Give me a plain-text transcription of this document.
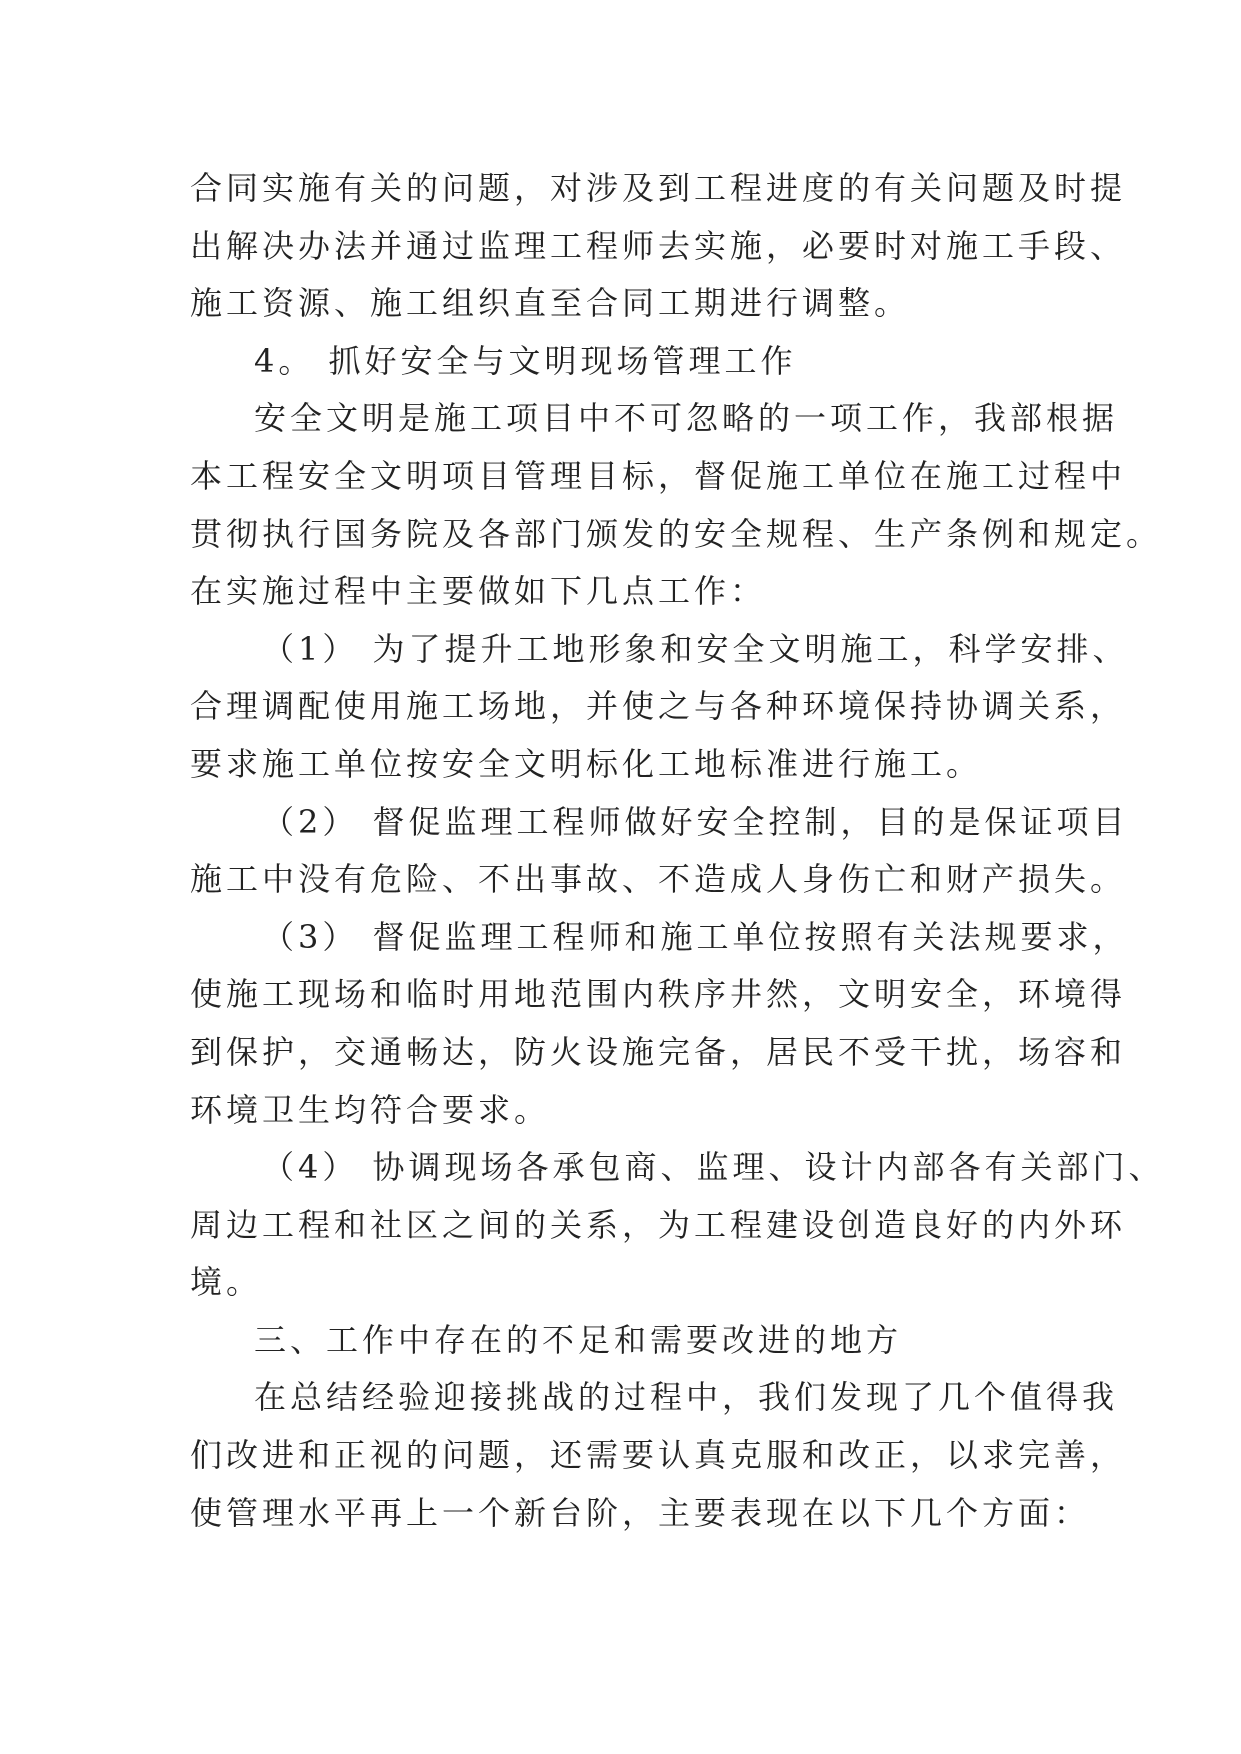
合同实施有关的问题，对涉及到工程进度的有关问题及时提
出解决办法并通过监理工程师去实施，必要时对施工手段、
施工资源、施工组织直至合同工期进行调整。
4。 抓好安全与文明现场管理工作
安全文明是施工项目中不可忽略的一项工作，我部根据
本工程安全文明项目管理目标，督促施工单位在施工过程中
贯彻执行国务院及各部门颁发的安全规程、生产条例和规定。
在实施过程中主要做如下几点工作：
（1） 为了提升工地形象和安全文明施工，科学安排、
合理调配使用施工场地，并使之与各种环境保持协调关系，
要求施工单位按安全文明标化工地标准进行施工。
（2） 督促监理工程师做好安全控制，目的是保证项目
施工中没有危险、不出事故、不造成人身伤亡和财产损失。
（3） 督促监理工程师和施工单位按照有关法规要求，
使施工现场和临时用地范围内秩序井然，文明安全，环境得
到保护，交通畅达，防火设施完备，居民不受干扰，场容和
环境卫生均符合要求。
（4） 协调现场各承包商、监理、设计内部各有关部门、
周边工程和社区之间的关系，为工程建设创造良好的内外环
境。
三、工作中存在的不足和需要改进的地方
在总结经验迎接挑战的过程中，我们发现了几个值得我
们改进和正视的问题，还需要认真克服和改正，以求完善，
使管理水平再上一个新台阶，主要表现在以下几个方面：
